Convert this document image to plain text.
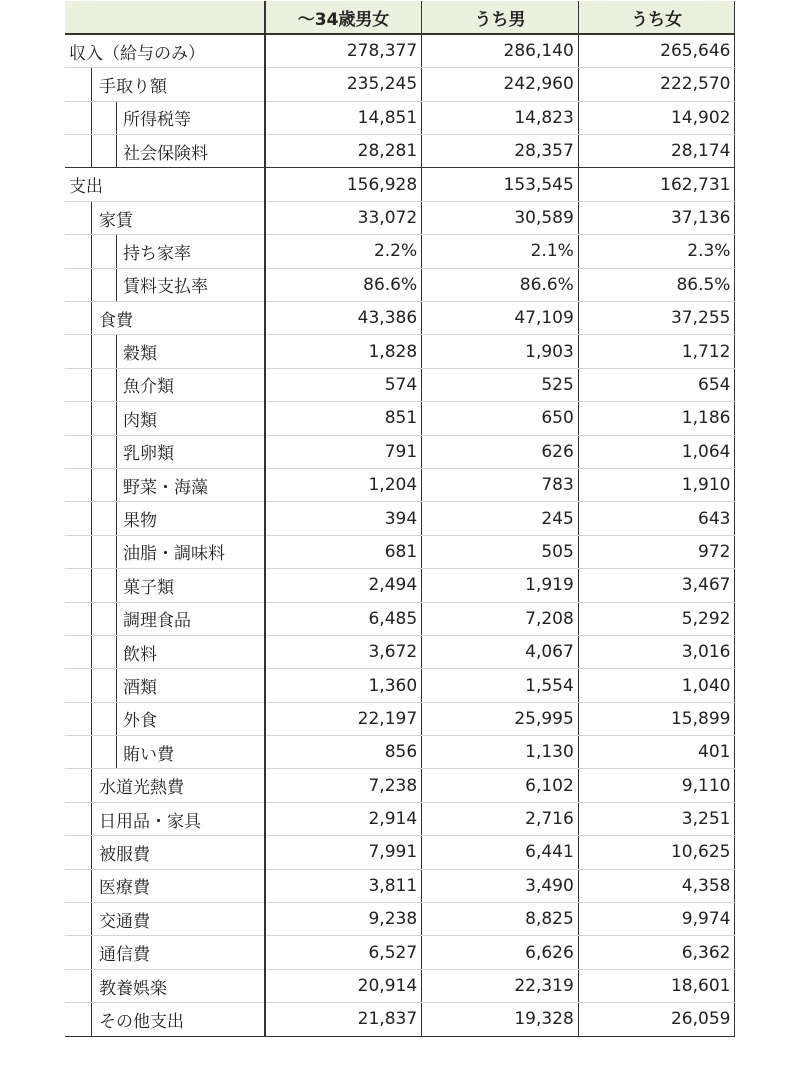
	〜34歳男女	うち男	うち女

収入（給与のみ）	278,377	286,140	265,646

手取り額	235,245	242,960	222,570

所得税等	14,851	14,823	14,902

社会保険料	28,281	28,357	28,174

支出	156,928	153,545	162,731

家賃	33,072	30,589	37,136

持ち家率	2.2%	2.1%	2.3%

賃料支払率	86.6%	86.6%	86.5%

食費	43,386	47,109	37,255

穀類	1,828	1,903	1,712

魚介類	574	525	654

肉類	851	650	1,186

乳卵類	791	626	1,064

野菜・海藻	1,204	783	1,910

果物	394	245	643

油脂・調味料	681	505	972

菓子類	2,494	1,919	3,467

調理食品	6,485	7,208	5,292

飲料	3,672	4,067	3,016

酒類	1,360	1,554	1,040

外食	22,197	25,995	15,899

賄い費	856	1,130	401

水道光熱費	7,238	6,102	9,110

日用品・家具	2,914	2,716	3,251

被服費	7,991	6,441	10,625

医療費	3,811	3,490	4,358

交通費	9,238	8,825	9,974

通信費	6,527	6,626	6,362

教養娯楽	20,914	22,319	18,601

その他支出	21,837	19,328	26,059
